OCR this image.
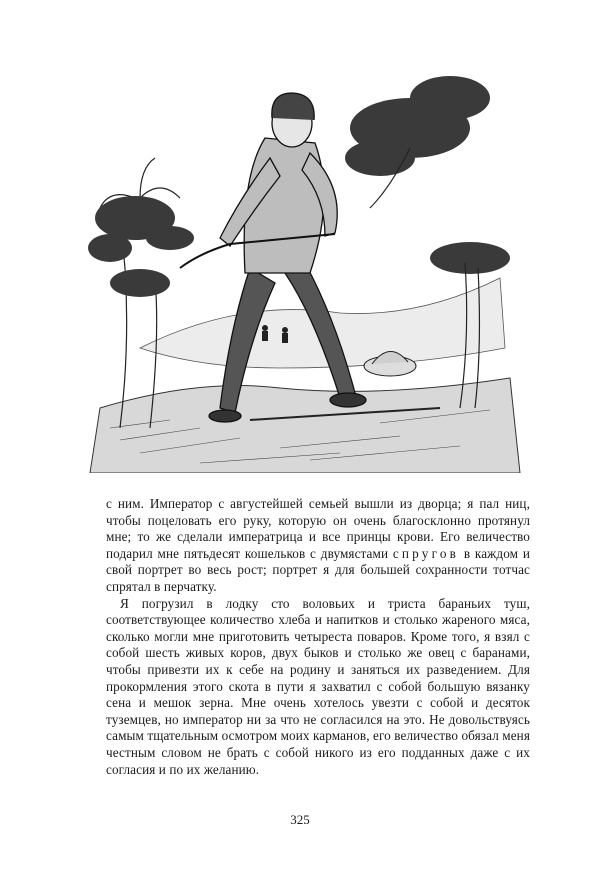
с ним. Император с августейшей семьей вышли из дворца; я пал ниц, чтобы поцеловать его руку, которую он очень благосклонно протянул мне; то же сделали императрица и все принцы крови. Его величество подарил мне пятьдесят кошельков с двумястами спругов в каждом и свой портрет во весь рост; портрет я для большей сохранности тотчас спрятал в перчатку.

Я погрузил в лодку сто воловьих и триста бараньих туш, соответствующее количество хлеба и напитков и столько жареного мяса, сколько могли мне приготовить четыреста поваров. Кроме того, я взял с собой шесть живых коров, двух быков и столько же овец с баранами, чтобы привезти их к себе на родину и заняться их разведением. Для прокормления этого скота в пути я захватил с собой большую вязанку сена и мешок зерна. Мне очень хотелось увезти с собой и десяток туземцев, но император ни за что не согласился на это. Не довольствуясь самым тщательным осмотром моих карманов, его величество обязал меня честным словом не брать с собой никого из его подданных даже с их согласия и по их желанию.

325
